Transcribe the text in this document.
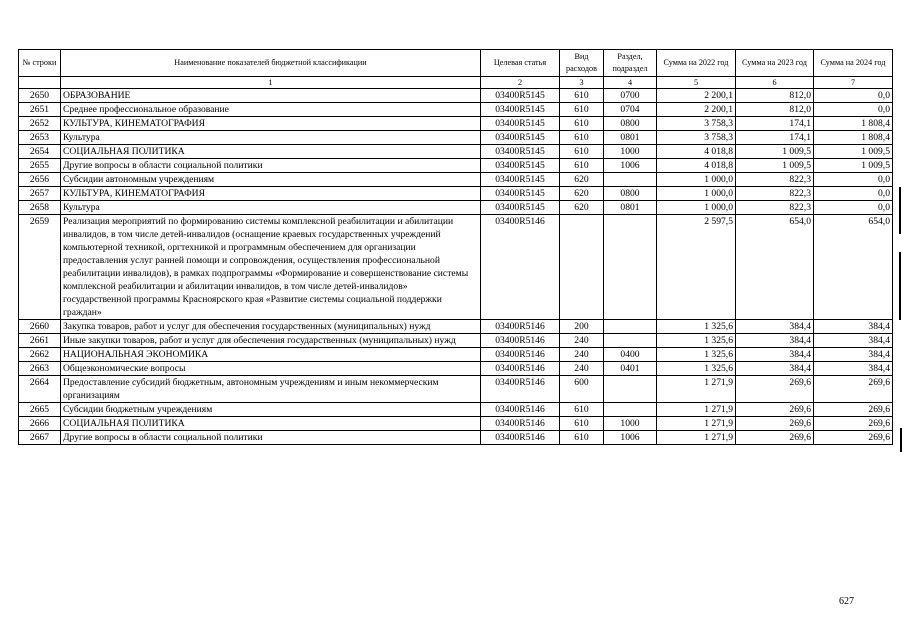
№ строки	Наименование показателей бюджетной классификации	Целевая статья	Вид расходов	Раздел, подраздел	Сумма на 2022 год	Сумма на 2023 год	Сумма на 2024 год
	1	2	3	4	5	6	7
2650	ОБРАЗОВАНИЕ	03400R5145	610	0700	2 200,1	812,0	0,0
2651	Среднее профессиональное образование	03400R5145	610	0704	2 200,1	812,0	0,0
2652	КУЛЬТУРА, КИНЕМАТОГРАФИЯ	03400R5145	610	0800	3 758,3	174,1	1 808,4
2653	Культура	03400R5145	610	0801	3 758,3	174,1	1 808,4
2654	СОЦИАЛЬНАЯ ПОЛИТИКА	03400R5145	610	1000	4 018,8	1 009,5	1 009,5
2655	Другие вопросы в области социальной политики	03400R5145	610	1006	4 018,8	1 009,5	1 009,5
2656	Субсидии автономным учреждениям	03400R5145	620		1 000,0	822,3	0,0
2657	КУЛЬТУРА, КИНЕМАТОГРАФИЯ	03400R5145	620	0800	1 000,0	822,3	0,0
2658	Культура	03400R5145	620	0801	1 000,0	822,3	0,0
2659	Реализация мероприятий по формированию системы комплексной реабилитации и абилитации инвалидов, в том числе детей-инвалидов (оснащение краевых государственных учреждений компьютерной техникой, оргтехникой и программным обеспечением для организации предоставления услуг ранней помощи и сопровождения, осуществления профессиональной реабилитации инвалидов), в рамках подпрограммы «Формирование и совершенствование системы комплексной реабилитации и абилитации инвалидов, в том числе детей-инвалидов» государственной программы Красноярского края «Развитие системы социальной поддержки граждан»	03400R5146			2 597,5	654,0	654,0
2660	Закупка товаров, работ и услуг для обеспечения государственных (муниципальных) нужд	03400R5146	200		1 325,6	384,4	384,4
2661	Иные закупки товаров, работ и услуг для обеспечения государственных (муниципальных) нужд	03400R5146	240		1 325,6	384,4	384,4
2662	НАЦИОНАЛЬНАЯ ЭКОНОМИКА	03400R5146	240	0400	1 325,6	384,4	384,4
2663	Общеэкономические вопросы	03400R5146	240	0401	1 325,6	384,4	384,4
2664	Предоставление субсидий бюджетным, автономным учреждениям и иным некоммерческим организациям	03400R5146	600		1 271,9	269,6	269,6
2665	Субсидии бюджетным учреждениям	03400R5146	610		1 271,9	269,6	269,6
2666	СОЦИАЛЬНАЯ ПОЛИТИКА	03400R5146	610	1000	1 271,9	269,6	269,6
2667	Другие вопросы в области социальной политики	03400R5146	610	1006	1 271,9	269,6	269,6
627
